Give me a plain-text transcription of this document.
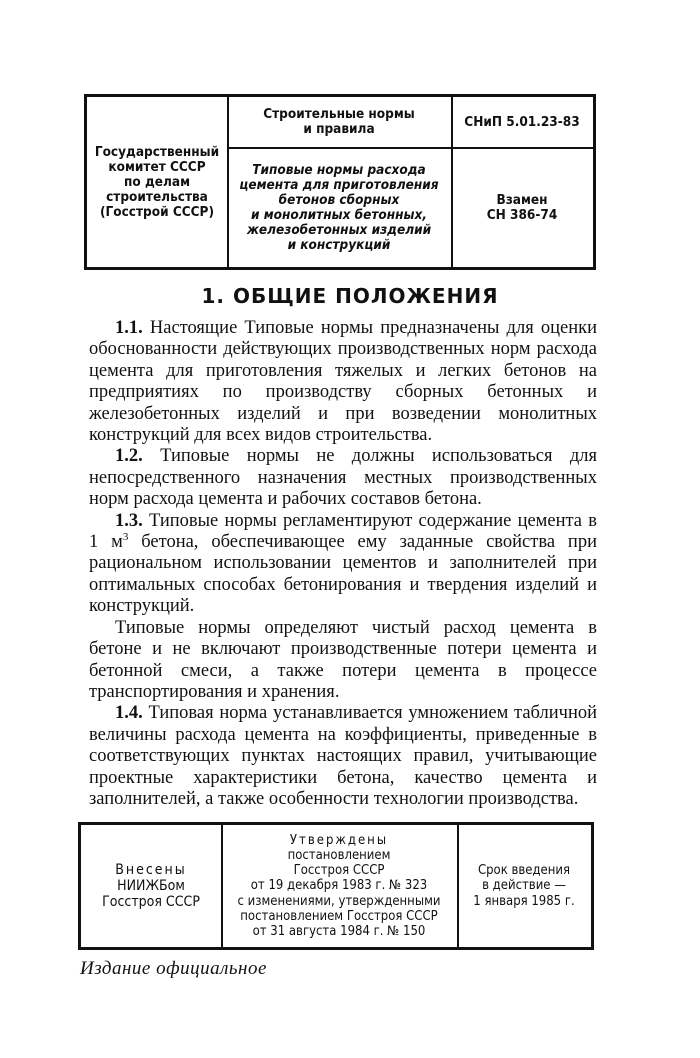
Государственный
комитет СССР
по делам
строительства
(Госстрой СССР)
Строительные нормы
и правила
Типовые нормы расхода
цемента для приготовления
бетонов сборных
и монолитных бетонных,
железобетонных изделий
и конструкций
СНиП 5.01.23-83
Взамен
СН 386-74
1. ОБЩИЕ ПОЛОЖЕНИЯ

1.1. Настоящие Типовые нормы предназначены для оценки обоснованности действующих производственных норм расхода цемента для приготовления тяжелых и легких бетонов на предприятиях по производству сборных бетонных и железобетонных изделий и при возведении монолитных конструкций для всех видов строительства.

1.2. Типовые нормы не должны использоваться для непосредственного назначения местных производственных норм расхода цемента и рабочих составов бетона.

1.3. Типовые нормы регламентируют содержание цемента в 1 $м^3$ бетона, обеспечивающее ему заданные свойства при рациональном использовании цементов и заполнителей при оптимальных способах бетонирования и твердения изделий и конструкций.

Типовые нормы определяют чистый расход цемента в бетоне и не включают производственные потери цемента и бетонной смеси, а также потери цемента в процессе транспортирования и хранения.

1.4. Типовая норма устанавливается умножением табличной величины расхода цемента на коэффициенты, приведенные в соответствующих пунктах настоящих правил, учитывающие проектные характеристики бетона, качество цемента и заполнителей, а также особенности технологии производства.

Внесены
НИИЖБом
Госстроя СССР
Утверждены
постановлением
Госстроя СССР
от 19 декабря 1983 г. № 323
с изменениями, утвержденными
постановлением Госстроя СССР
от 31 августа 1984 г. № 150
Срок введения
в действие —
1 января 1985 г.
Издание официальное
